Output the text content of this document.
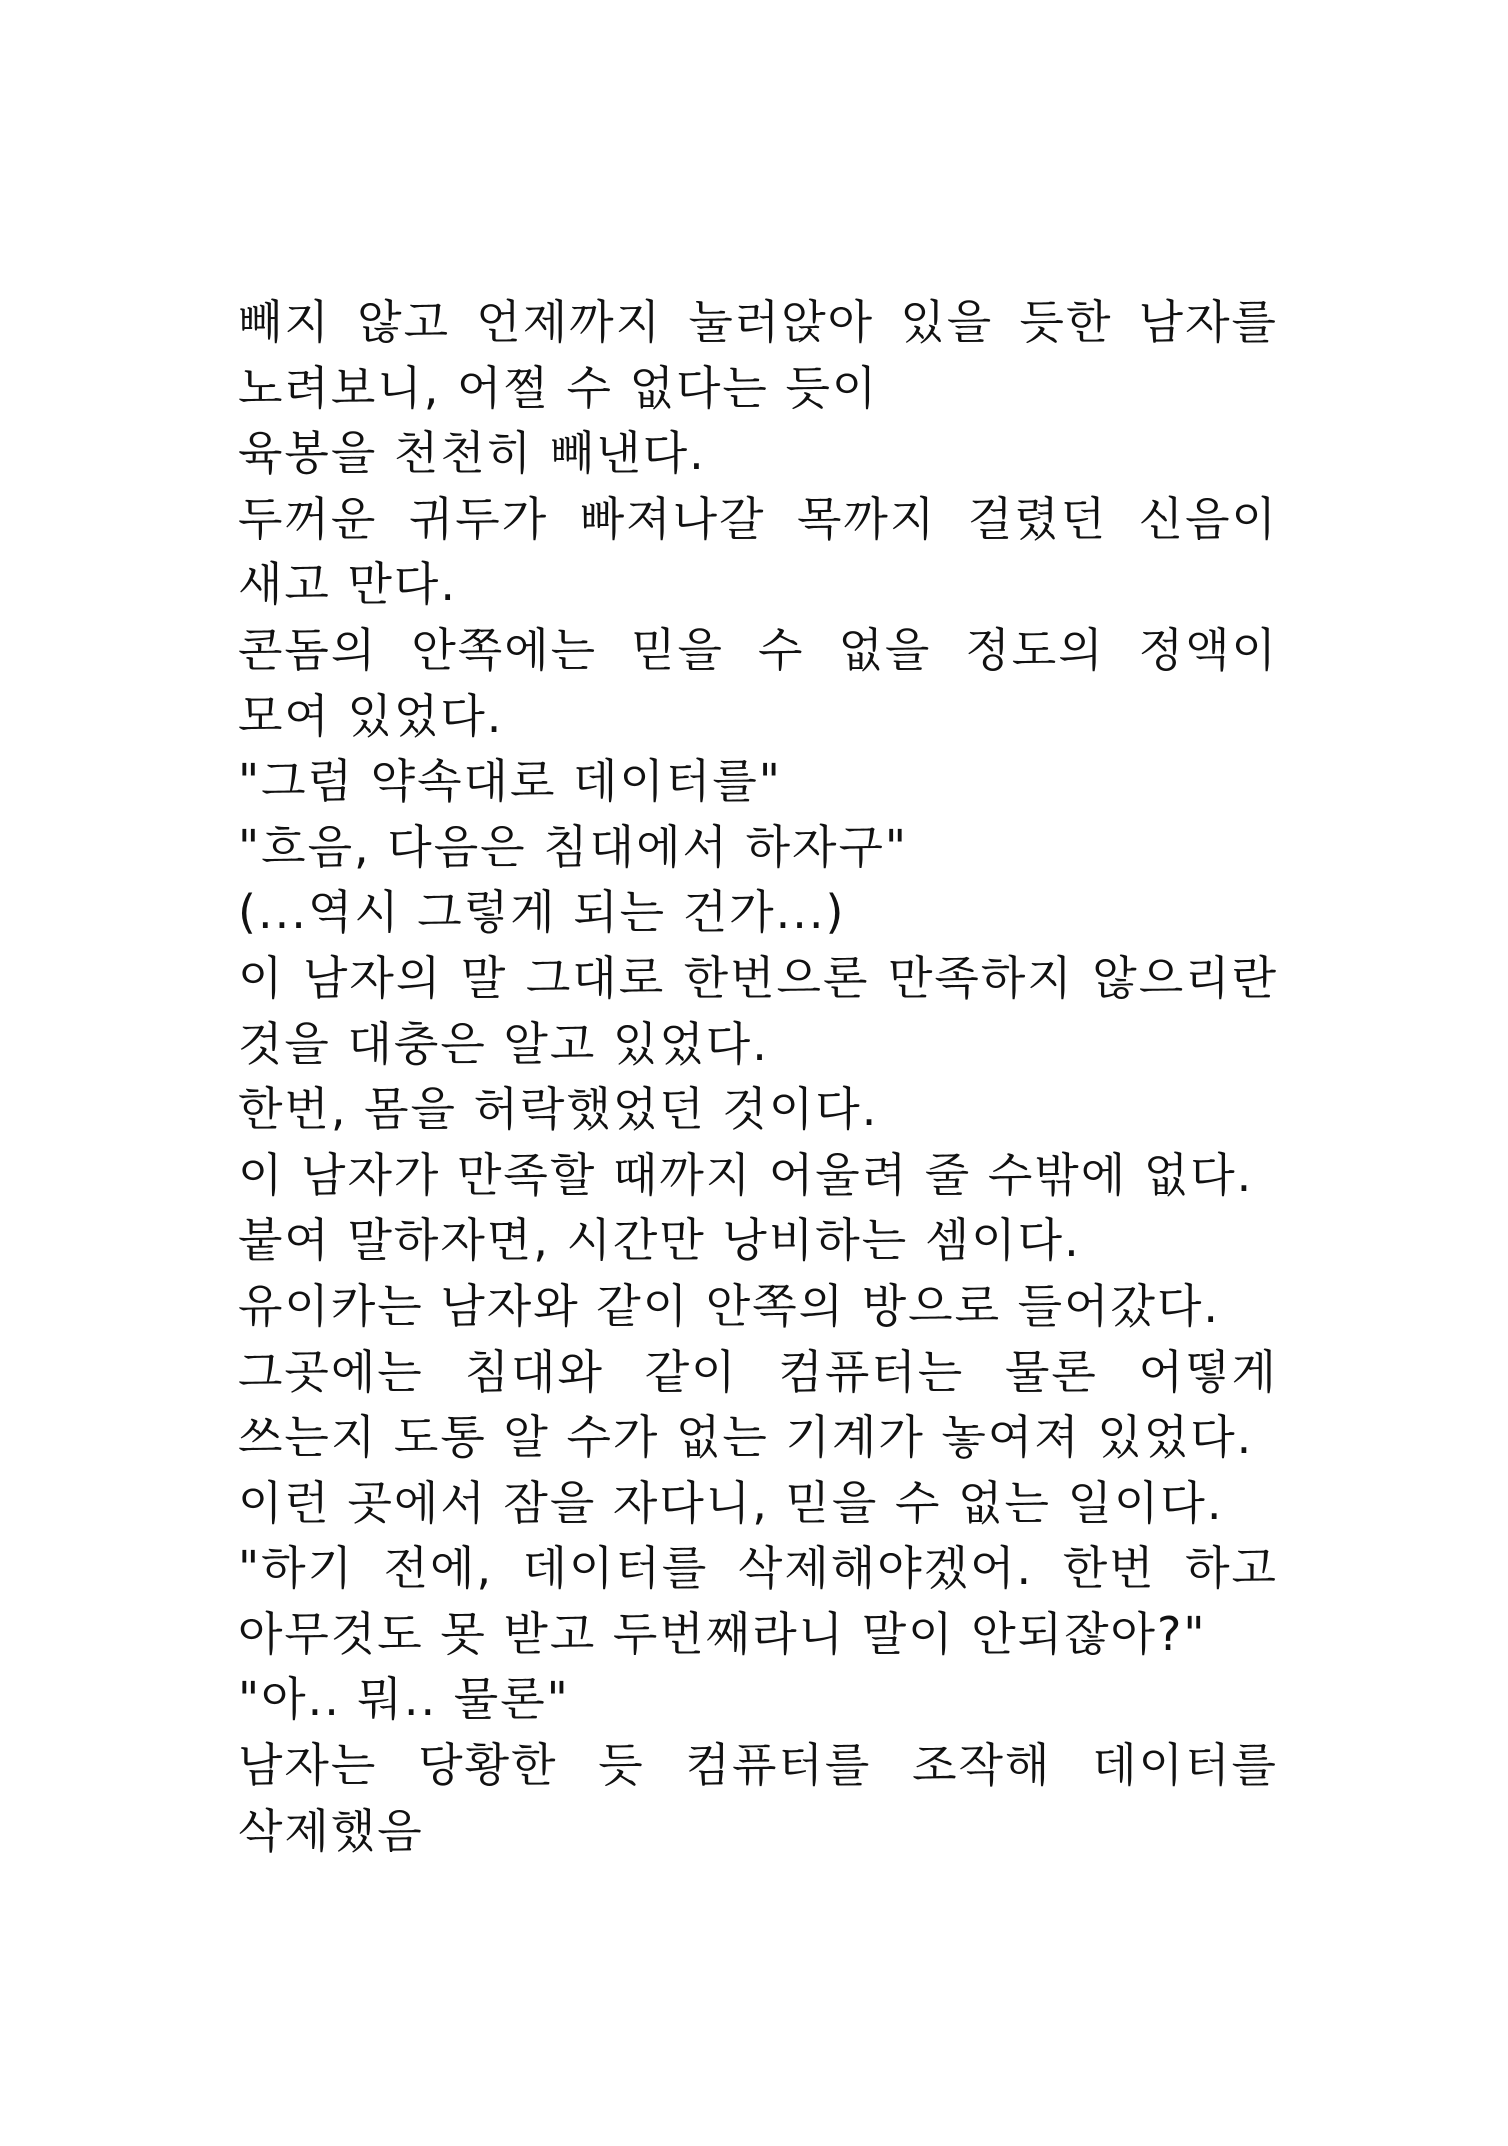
빼지 않고 언제까지 눌러앉아 있을 듯한 남자를 노려보니, 어쩔 수 없다는 듯이

육봉을 천천히 빼낸다.

두꺼운 귀두가 빠져나갈 목까지 걸렸던 신음이 새고 만다.

콘돔의 안쪽에는 믿을 수 없을 정도의 정액이 모여 있었다.

"그럼 약속대로 데이터를"

"흐음, 다음은 침대에서 하자구"

(...역시 그렇게 되는 건가...)

이 남자의 말 그대로 한번으론 만족하지 않으리란 것을 대충은 알고 있었다.

한번, 몸을 허락했었던 것이다.

이 남자가 만족할 때까지 어울려 줄 수밖에 없다.

붙여 말하자면, 시간만 낭비하는 셈이다.

유이카는 남자와 같이 안쪽의 방으로 들어갔다.

그곳에는 침대와 같이 컴퓨터는 물론 어떻게 쓰는지 도통 알 수가 없는 기계가 놓여져 있었다.

이런 곳에서 잠을 자다니, 믿을 수 없는 일이다.

"하기 전에, 데이터를 삭제해야겠어. 한번 하고 아무것도 못 받고 두번째라니 말이 안되잖아?"

"아.. 뭐.. 물론"

남자는 당황한 듯 컴퓨터를 조작해 데이터를 삭제했음
